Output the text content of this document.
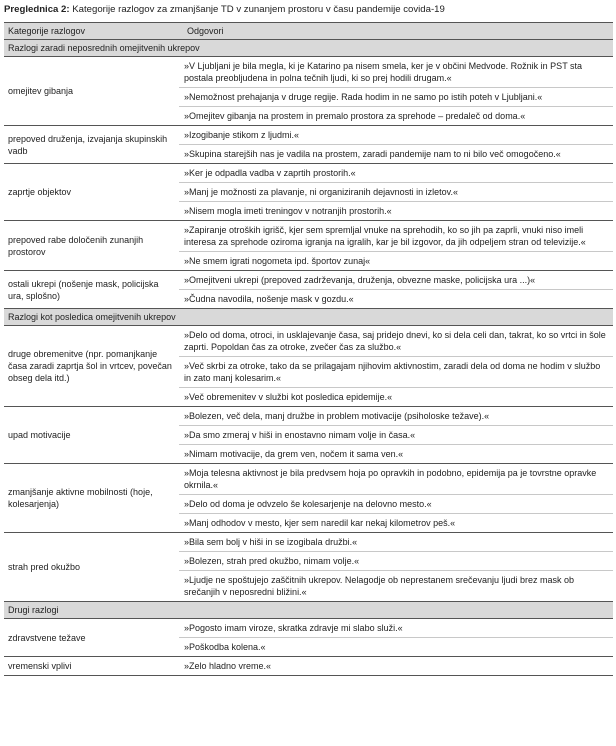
Preglednica 2: Kategorije razlogov za zmanjšanje TD v zunanjem prostoru v času pandemije covida-19
Kategorije razlogov	Odgovori
Razlogi zaradi neposrednih omejitvenih ukrepov
omejitev gibanja
»V Ljubljani je bila megla, ki je Katarino pa nisem smela, ker je v občini Medvode. Rožnik in PST sta postala preobljudena in polna tečnih ljudi, ki so prej hodili drugam.«
»Nemožnost prehajanja v druge regije. Rada hodim in ne samo po istih poteh v Ljubljani.«
»Omejitev gibanja na prostem in premalo prostora za sprehode – predaleč od doma.«
prepoved druženja, izvajanja skupinskih vadb
»Izogibanje stikom z ljudmi.«
»Skupina starejših nas je vadila na prostem, zaradi pandemije nam to ni bilo več omogočeno.«
zaprtje objektov
»Ker je odpadla vadba v zaprtih prostorih.«
»Manj je možnosti za plavanje, ni organiziranih dejavnosti in izletov.«
»Nisem mogla imeti treningov v notranjih prostorih.«
prepoved rabe določenih zunanjih prostorov
»Zapiranje otroških igrišč, kjer sem spremljal vnuke na sprehodih, ko so jih pa zaprli, vnuki niso imeli interesa za sprehode oziroma igranja na igralih, kar je bil izgovor, da jih odpeljem stran od televizije.«
»Ne smem igrati nogometa ipd. športov zunaj«
ostali ukrepi (nošenje mask, policijska ura, splošno)
»Omejitveni ukrepi (prepoved zadrževanja, druženja, obvezne maske, policijska ura ...)«
»Čudna navodila, nošenje mask v gozdu.«
Razlogi kot posledica omejitvenih ukrepov
druge obremenitve (npr. pomanjkanje časa zaradi zaprtja šol in vrtcev, povečan obseg dela itd.)
»Delo od doma, otroci, in usklajevanje časa, saj pridejo dnevi, ko si dela celi dan, takrat, ko so vrtci in šole zaprti. Popoldan čas za otroke, zvečer čas za službo.«
»Več skrbi za otroke, tako da se prilagajam njihovim aktivnostim, zaradi dela od doma ne hodim v službo in zato manj kolesarim.«
»Več obremenitev v službi kot posledica epidemije.«
upad motivacije
»Bolezen, več dela, manj družbe in problem motivacije (psiholoske težave).«
»Da smo zmeraj v hiši in enostavno nimam volje in časa.«
»Nimam motivacije, da grem ven, nočem it sama ven.«
zmanjšanje aktivne mobilnosti (hoje, kolesarjenja)
»Moja telesna aktivnost je bila predvsem hoja po opravkih in podobno, epidemija pa je tovrstne opravke okrnila.«
»Delo od doma je odvzelo še kolesarjenje na delovno mesto.«
»Manj odhodov v mesto, kjer sem naredil kar nekaj kilometrov peš.«
strah pred okužbo
»Bila sem bolj v hiši in se izogibala družbi.«
»Bolezen, strah pred okužbo, nimam volje.«
»Ljudje ne spoštujejo zaščitnih ukrepov. Nelagodje ob neprestanem srečevanju ljudi brez mask ob srečanjih v neposredni bližini.«
Drugi razlogi
zdravstvene težave
»Pogosto imam viroze, skratka zdravje mi slabo služi.«
»Poškodba kolena.«
vremenski vplivi	»Zelo hladno vreme.«
